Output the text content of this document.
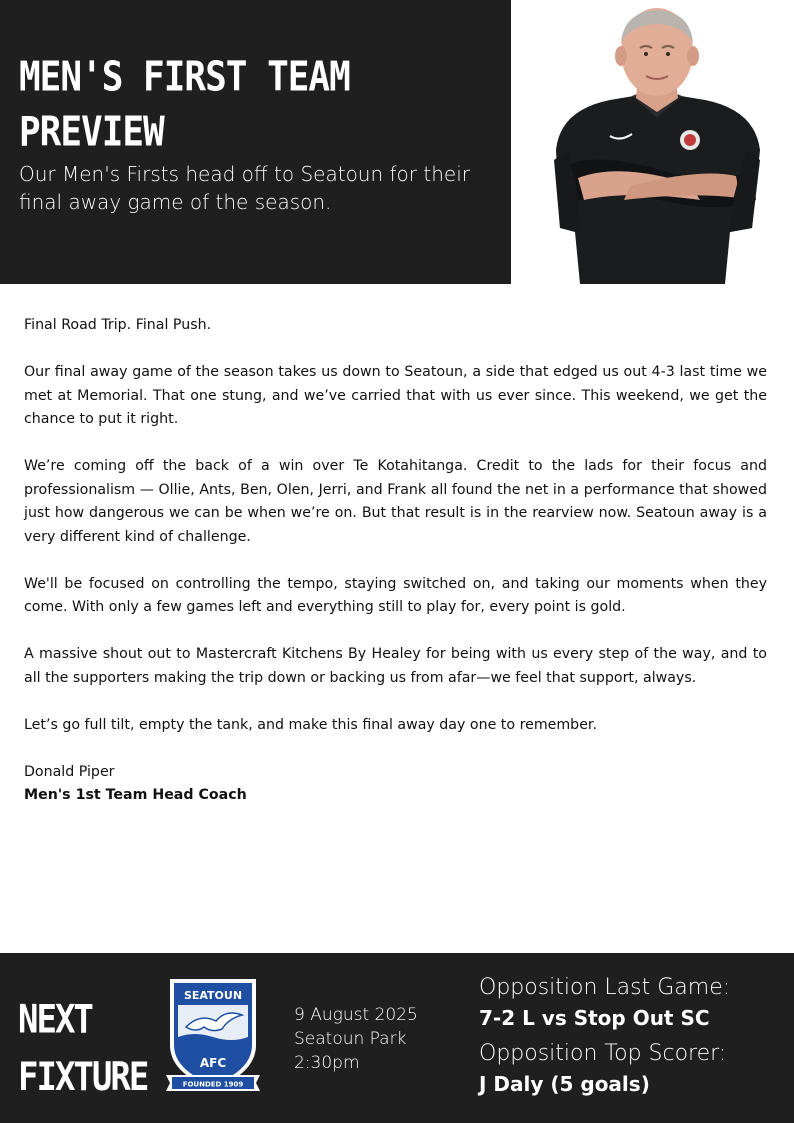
MEN'S FIRST TEAM
PREVIEW
Our Men's Firsts head off to Seatoun for their final away game of the season.

Final Road Trip. Final Push.

Our final away game of the season takes us down to Seatoun, a side that edged us out 4-3 last time we met at Memorial. That one stung, and we’ve carried that with us ever since. This weekend, we get the chance to put it right.

We’re coming off the back of a win over Te Kotahitanga. Credit to the lads for their focus and professionalism — Ollie, Ants, Ben, Olen, Jerri, and Frank all found the net in a performance that showed just how dangerous we can be when we’re on. But that result is in the rearview now. Seatoun away is a very different kind of challenge.

We'll be focused on controlling the tempo, staying switched on, and taking our moments when they come. With only a few games left and everything still to play for, every point is gold.

A massive shout out to Mastercraft Kitchens By Healey for being with us every step of the way, and to all the supporters making the trip down or backing us from afar—we feel that support, always.

Let’s go full tilt, empty the tank, and make this final away day one to remember.

Donald Piper

Men's 1st Team Head Coach

NEXT
FIXTURE
SEATOUN
AFC
FOUNDED 1909
9 August 2025
Seatoun Park
2:30pm
Opposition Last Game:
7-2 L vs Stop Out SC
Opposition Top Scorer:
J Daly (5 goals)
